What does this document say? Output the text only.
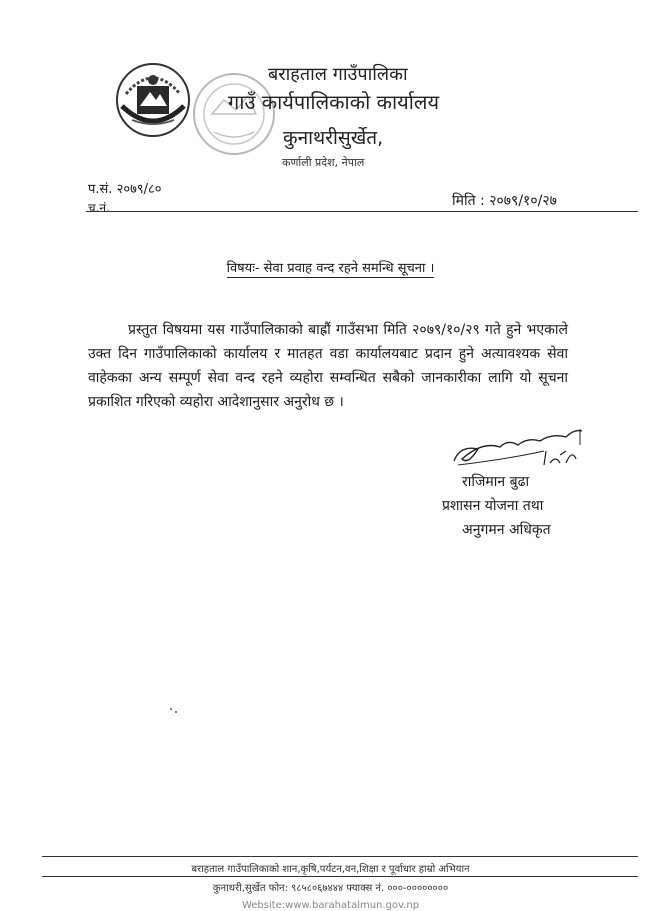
बराहताल गाउँपालिका
गाउँ कार्यपालिकाको कार्यालय
कुनाथरीसुर्खेत,
कर्णाली प्रदेश, नेपाल
प.सं. २०७९/८०
च.नं.	मिति : २०७९/१०/२७
विषयः- सेवा प्रवाह वन्द रहने समन्धि सूचना ।

प्रस्तुत विषयमा यस गाउँपालिकाको बाह्रौं गाउँसभा मिति २०७९/१०/२९ गते हुने भएकाले उक्त दिन गाउँपालिकाको कार्यालय र मातहत वडा कार्यालयबाट प्रदान हुने अत्यावश्यक सेवा वाहेकका अन्य सम्पूर्ण सेवा वन्द रहने व्यहोरा सम्वन्धित सबैको जानकारीका लागि यो सूचना प्रकाशित गरिएको व्यहोरा आदेशानुसार अनुरोध छ ।

राजिमान बुढा
प्रशासन योजना तथा
अनुगमन अधिकृत
बराहताल गाउँपालिकाको शान,कृषि,पर्यटन,वन,शिक्षा र पूर्वाधार हाम्रो अभियान
कुनाथरी,सुर्खेत फोन: ९८५८०६७४४४ फ्याक्स नं. ०००-००००००००
Website:www.barahatalmun.gov.np
